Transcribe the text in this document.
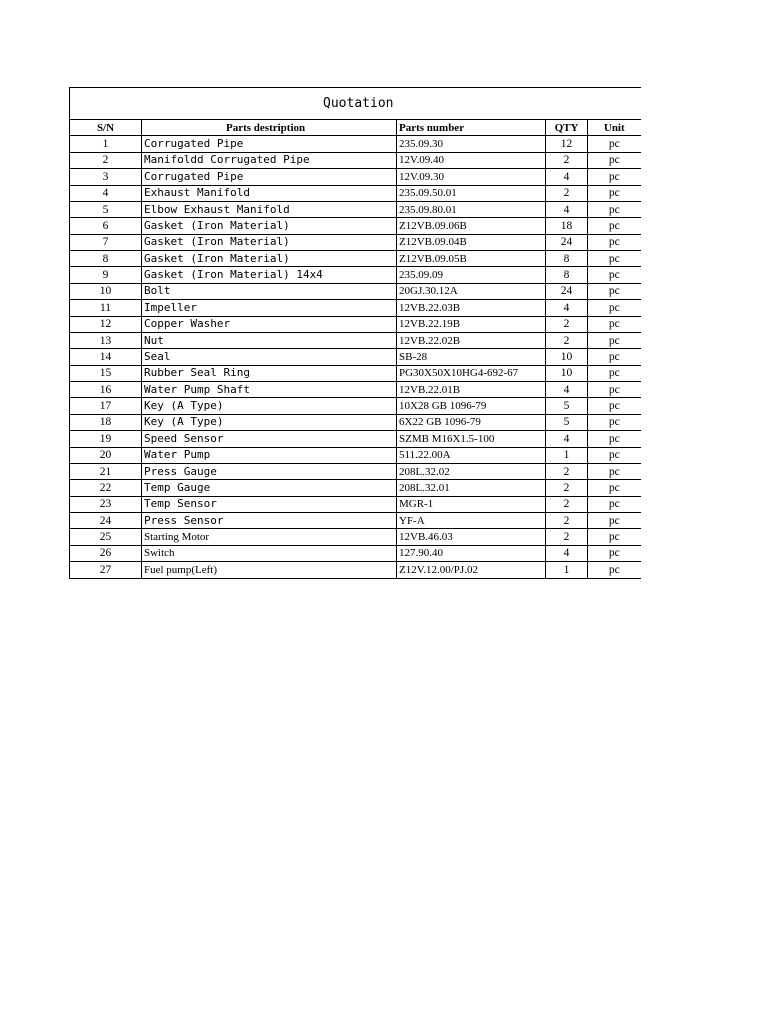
Quotation				
S/N	Parts destription	Parts number	QTY	Unit
1	Corrugated Pipe	235.09.30	12	pc
2	Manifoldd Corrugated Pipe	12V.09.40	2	pc
3	Corrugated Pipe	12V.09.30	4	pc
4	Exhaust Manifold	235.09.50.01	2	pc
5	Elbow Exhaust Manifold	235.09.80.01	4	pc
6	Gasket (Iron Material)	Z12VB.09.06B	18	pc
7	Gasket (Iron Material)	Z12VB.09.04B	24	pc
8	Gasket (Iron Material)	Z12VB.09.05B	8	pc
9	Gasket (Iron Material) 14x4	235.09.09	8	pc
10	Bolt	20GJ.30.12A	24	pc
11	Impeller	12VB.22.03B	4	pc
12	Copper Washer	12VB.22.19B	2	pc
13	Nut	12VB.22.02B	2	pc
14	Seal	SB-28	10	pc
15	Rubber Seal Ring	PG30X50X10HG4-692-67	10	pc
16	Water Pump Shaft	12VB.22.01B	4	pc
17	Key (A Type)	10X28 GB 1096-79	5	pc
18	Key (A Type)	6X22 GB 1096-79	5	pc
19	Speed Sensor	SZMB M16X1.5-100	4	pc
20	Water Pump	511.22.00A	1	pc
21	Press Gauge	208L.32.02	2	pc
22	Temp Gauge	208L.32.01	2	pc
23	Temp Sensor	MGR-1	2	pc
24	Press Sensor	YF-A	2	pc
25	Starting Motor	12VB.46.03	2	pc
26	Switch	127.90.40	4	pc
27	Fuel pump(Left)	Z12V.12.00/PJ.02	1	pc
